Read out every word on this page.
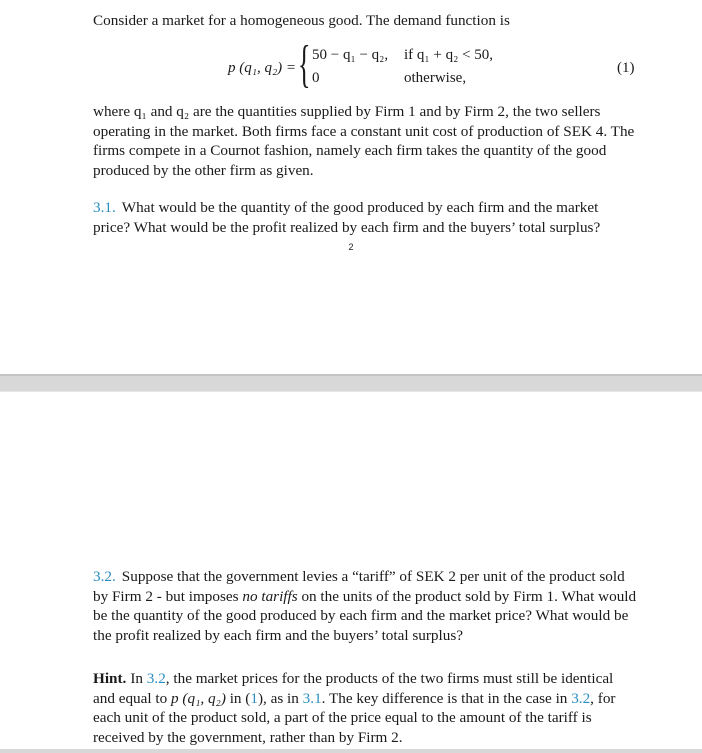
Consider a market for a homogeneous good. The demand function is
p (q₁, q₂) = { 50 − q₁ − q₂, if q₁ + q₂ < 50,
0	otherwise,
(1)
where q₁ and q₂ are the quantities supplied by Firm 1 and by Firm 2, the two sellers operating in the market. Both firms face a constant unit cost of production of SEK 4. The firms compete in a Cournot fashion, namely each firm takes the quantity of the good produced by the other firm as given.
3.1. What would be the quantity of the good produced by each firm and the market price? What would be the profit realized by each firm and the buyers’ total surplus?
2
3.2. Suppose that the government levies a “tariff” of SEK 2 per unit of the product sold by Firm 2 - but imposes no tariffs on the units of the product sold by Firm 1. What would be the quantity of the good produced by each firm and the market price? What would be the profit realized by each firm and the buyers’ total surplus?
Hint. In 3.2, the market prices for the products of the two firms must still be identical and equal to p (q₁, q₂) in (1), as in 3.1. The key difference is that in the case in 3.2, for each unit of the product sold, a part of the price equal to the amount of the tariff is received by the government, rather than by Firm 2.
